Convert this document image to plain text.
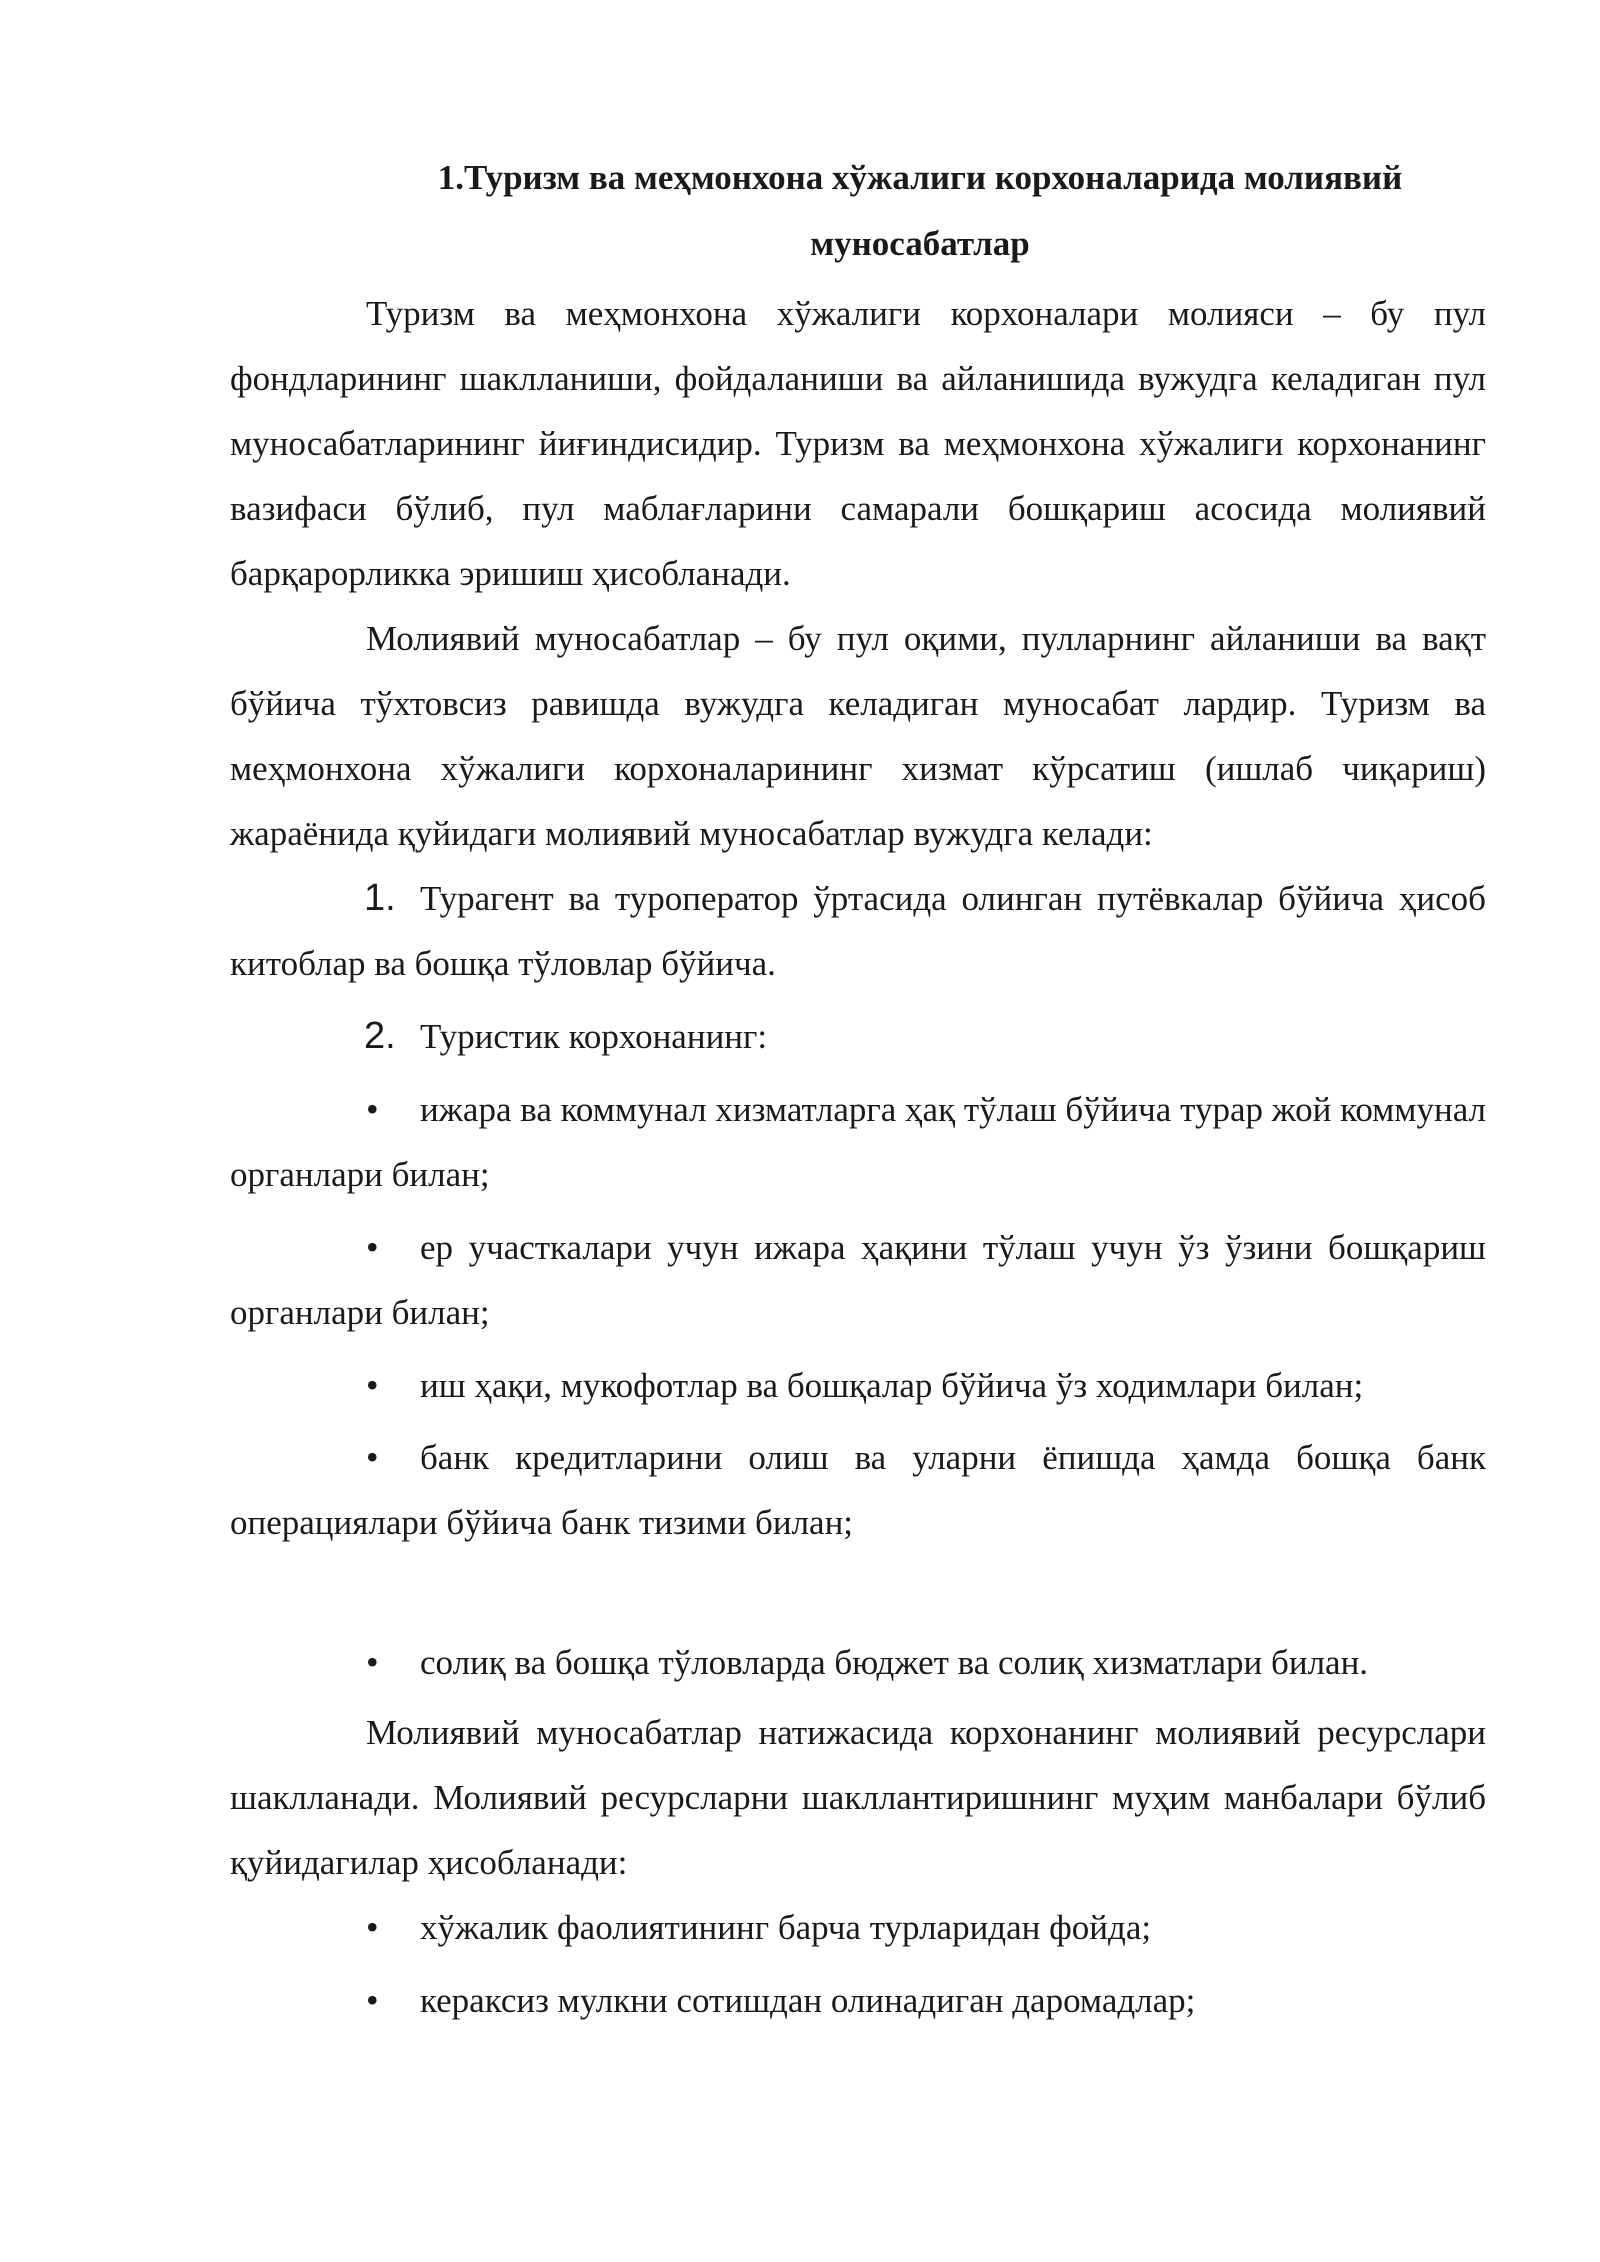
1.Туризм ва меҳмонхона хўжалиги корхоналарида молиявий
муносабатлар

Туризм ва меҳмонхона хўжалиги корхоналари молияси – бу пул фондларининг шаклланиши, фойдаланиши ва айланишида вужудга келадиган пул муносабатларининг йиғиндисидир. Туризм ва меҳмонхона хўжалиги корхонанинг вазифаси бўлиб, пул маблағларини самарали бошқариш асосида молиявий барқарорликка эришиш ҳисобланади.

Молиявий муносабатлар – бу пул оқими, пулларнинг айланиши ва вақт бўйича тўхтовсиз равишда вужудга келадиган муносабат лардир. Туризм ва меҳмонхона хўжалиги корхоналарининг хизмат кўрсатиш (ишлаб чиқариш) жараёнида қуйидаги молиявий муносабатлар вужудга келади:

1. Турагент ва туроператор ўртасида олинган путёвкалар бўйича ҳисоб китоблар ва бошқа тўловлар бўйича.

2. Туристик корхонанинг:

• ижара ва коммунал хизматларга ҳақ тўлаш бўйича турар жой коммунал органлари билан;

• ер участкалари учун ижара ҳақини тўлаш учун ўз ўзини бошқариш органлари билан;

• иш ҳақи, мукофотлар ва бошқалар бўйича ўз ходимлари билан;

• банк кредитларини олиш ва уларни ёпишда ҳамда бошқа банк операциялари бўйича банк тизими билан;

• солиқ ва бошқа тўловларда бюджет ва солиқ хизматлари билан.

Молиявий муносабатлар натижасида корхонанинг молиявий ресурслари шаклланади. Молиявий ресурсларни шакллантиришнинг муҳим манбалари бўлиб қуйидагилар ҳисобланади:

• хўжалик фаолиятининг барча турларидан фойда;

• кераксиз мулкни сотишдан олинадиган даромадлар;
